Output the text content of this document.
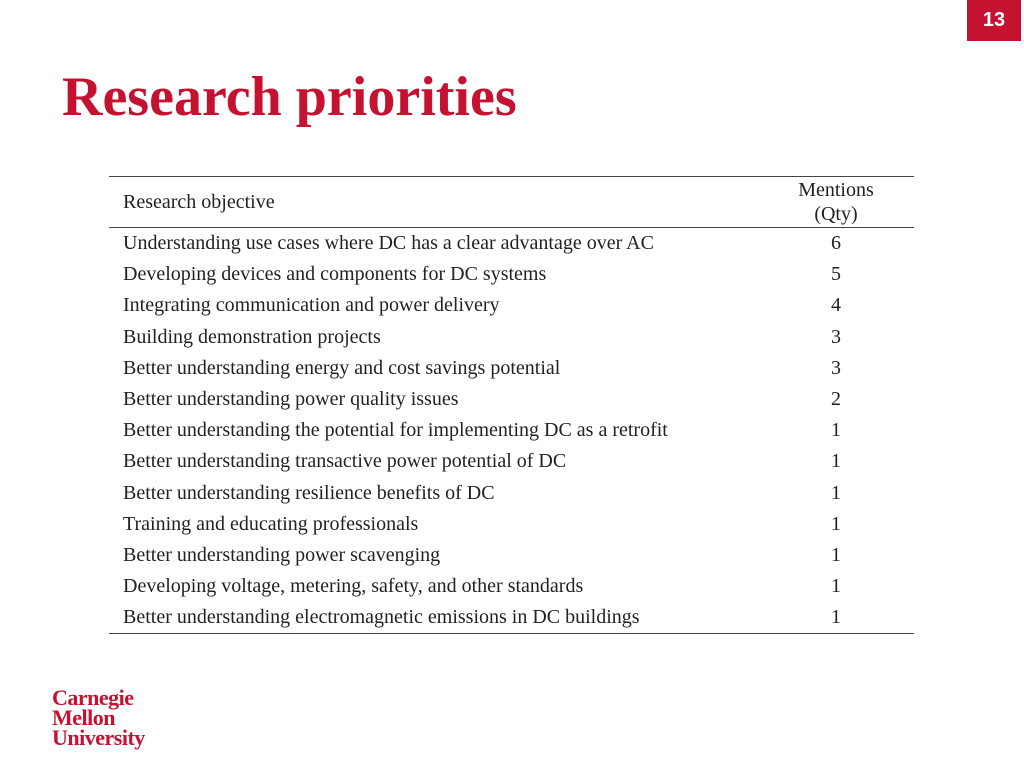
13
Research priorities
Research objective	Mentions
(Qty)

Understanding use cases where DC has a clear advantage over AC	6
Developing devices and components for DC systems	5
Integrating communication and power delivery	4
Building demonstration projects	3
Better understanding energy and cost savings potential	3
Better understanding power quality issues	2
Better understanding the potential for implementing DC as a retrofit	1
Better understanding transactive power potential of DC	1
Better understanding resilience benefits of DC	1
Training and educating professionals	1
Better understanding power scavenging	1
Developing voltage, metering, safety, and other standards	1
Better understanding electromagnetic emissions in DC buildings	1
Carnegie
Mellon
University
